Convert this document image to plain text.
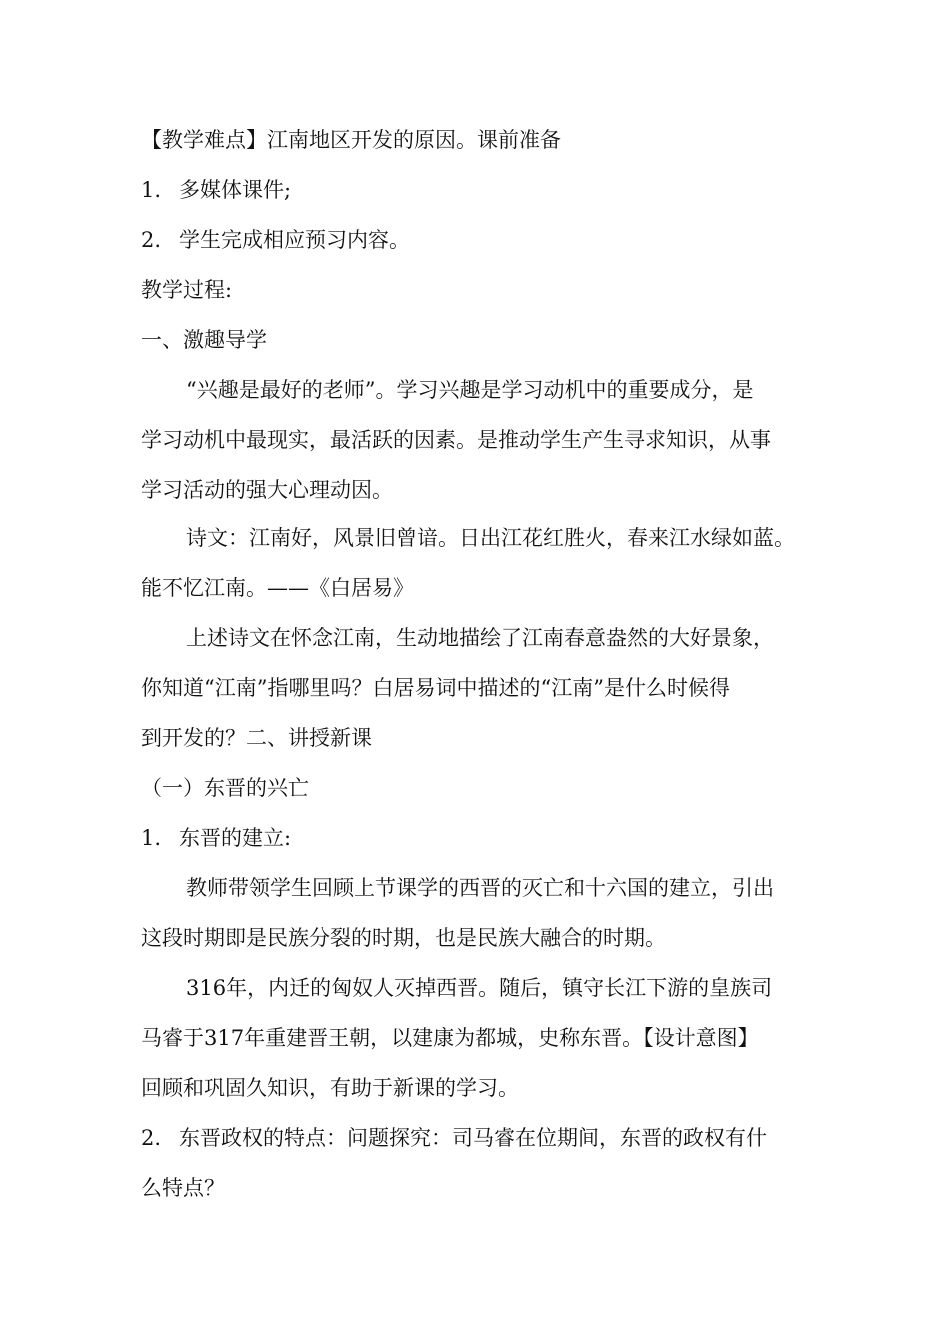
【教学难点】江南地区开发的原因。课前准备
1. 多媒体课件;
2. 学生完成相应预习内容。
教学过程:
一、激趣导学
“兴趣是最好的老师”。学习兴趣是学习动机中的重要成分，是
学习动机中最现实，最活跃的因素。是推动学生产生寻求知识，从事
学习活动的强大心理动因。
诗文：江南好，风景旧曾谙。日出江花红胜火，春来江水绿如蓝。
能不忆江南。——《白居易》
上述诗文在怀念江南，生动地描绘了江南春意盎然的大好景象，
你知道“江南”指哪里吗？白居易词中描述的“江南”是什么时候得
到开发的？二、讲授新课
（一）东晋的兴亡
1. 东晋的建立:
教师带领学生回顾上节课学的西晋的灭亡和十六国的建立，引出
这段时期即是民族分裂的时期，也是民族大融合的时期。
316年，内迁的匈奴人灭掉西晋。随后，镇守长江下游的皇族司
马睿于317年重建晋王朝，以建康为都城，史称东晋。【设计意图】
回顾和巩固久知识，有助于新课的学习。
2. 东晋政权的特点：问题探究：司马睿在位期间，东晋的政权有什
么特点？
